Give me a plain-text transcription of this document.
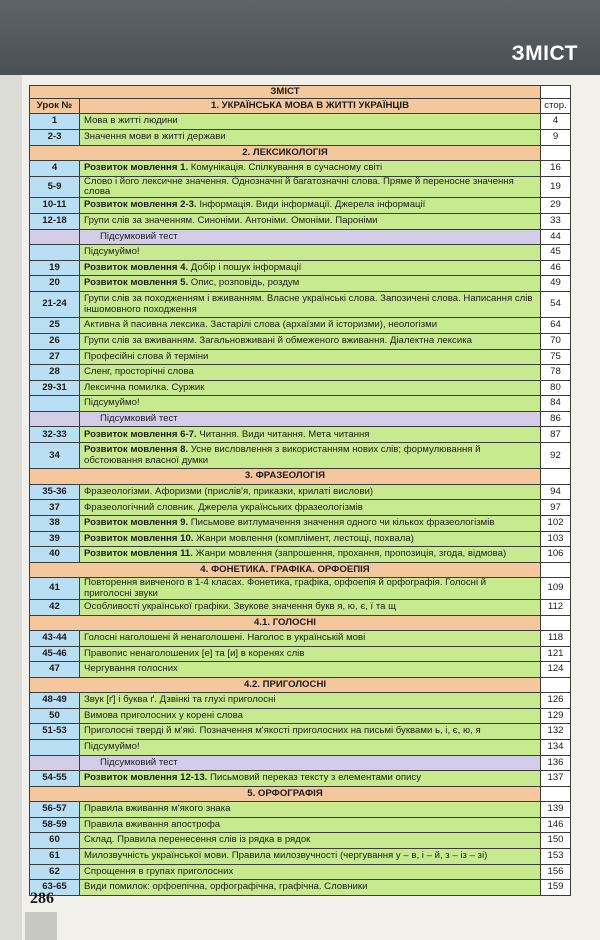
ЗМІСТ
ЗМІСТ		
Урок №	1. УКРАЇНСЬКА МОВА В ЖИТТІ УКРАЇНЦІВ	стор.
1	Мова в житті людини	4
2-3	Значення мови в житті держави	9
2. ЛЕКСИКОЛОГІЯ		
4	Розвиток мовлення 1. Комунікація. Спілкування в сучасному світі	16
5-9	Слово і його лексичне значення. Однозначні й багатозначні слова. Пряме й переносне значення слова	19
10-11	Розвиток мовлення 2-3. Інформація. Види інформації. Джерела інформації	29
12-18	Групи слів за значенням. Синоніми. Антоніми. Омоніми. Пароніми	33
	Підсумковий тест	44
	Підсумуймо!	45
19	Розвиток мовлення 4. Добір і пошук інформації	46
20	Розвиток мовлення 5. Опис, розповідь, роздум	49
21-24	Групи слів за походженням і вживанням. Власне українські слова. Запозичені слова. Написання слів іншомовного походження	54
25	Активна й пасивна лексика. Застарілі слова (архаїзми й історизми), неологізми	64
26	Групи слів за вживанням. Загальновживані й обмеженого вживання. Діалектна лексика	70
27	Професійні слова й терміни	75
28	Сленг, просторічні слова	78
29-31	Лексична помилка. Суржик	80
	Підсумуймо!	84
	Підсумковий тест	86
32-33	Розвиток мовлення 6-7. Читання. Види читання. Мета читання	87
34	Розвиток мовлення 8. Усне висловлення з використанням нових слів; формулювання й обстоювання власної думки	92
3. ФРАЗЕОЛОГІЯ		
35-36	Фразеологізми. Афоризми (прислів'я, приказки, крилаті вислови)	94
37	Фразеологічний словник. Джерела українських фразеологізмів	97
38	Розвиток мовлення 9. Письмове витлумачення значення одного чи кількох фразеологізмів	102
39	Розвиток мовлення 10. Жанри мовлення (комплімент, лестощі, похвала)	103
40	Розвиток мовлення 11. Жанри мовлення (запрошення, прохання, пропозиція, згода, відмова)	106
4. ФОНЕТИКА. ГРАФІКА. ОРФОЕПІЯ		
41	Повторення вивченого в 1-4 класах. Фонетика, графіка, орфоепія й орфографія. Голосні й приголосні звуки	109
42	Особливості української графіки. Звукове значення букв я, ю, є, ї та щ	112
4.1. ГОЛОСНІ		
43-44	Голосні наголошені й ненаголошені. Наголос в українській мові	118
45-46	Правопис ненаголошених [е] та [и] в коренях слів	121
47	Чергування голосних	124
4.2. ПРИГОЛОСНІ		
48-49	Звук [ґ] і буква ґ. Дзвінкі та глухі приголосні	126
50	Вимова приголосних у корені слова	129
51-53	Приголосні тверді й м'які. Позначення м'якості приголосних на письмі буквами ь, і, є, ю, я	132
	Підсумуймо!	134
	Підсумковий тест	136
54-55	Розвиток мовлення 12-13. Письмовий переказ тексту з елементами опису	137
5. ОРФОГРАФІЯ		
56-57	Правила вживання м'якого знака	139
58-59	Правила вживання апострофа	146
60	Склад. Правила перенесення слів із рядка в рядок	150
61	Милозвучність української мови. Правила милозвучності (чергування у – в, і – й, з – із – зі)	153
62	Спрощення в групах приголосних	156
63-65	Види помилок: орфоепічна, орфографічна, графічна. Словники	159
286
